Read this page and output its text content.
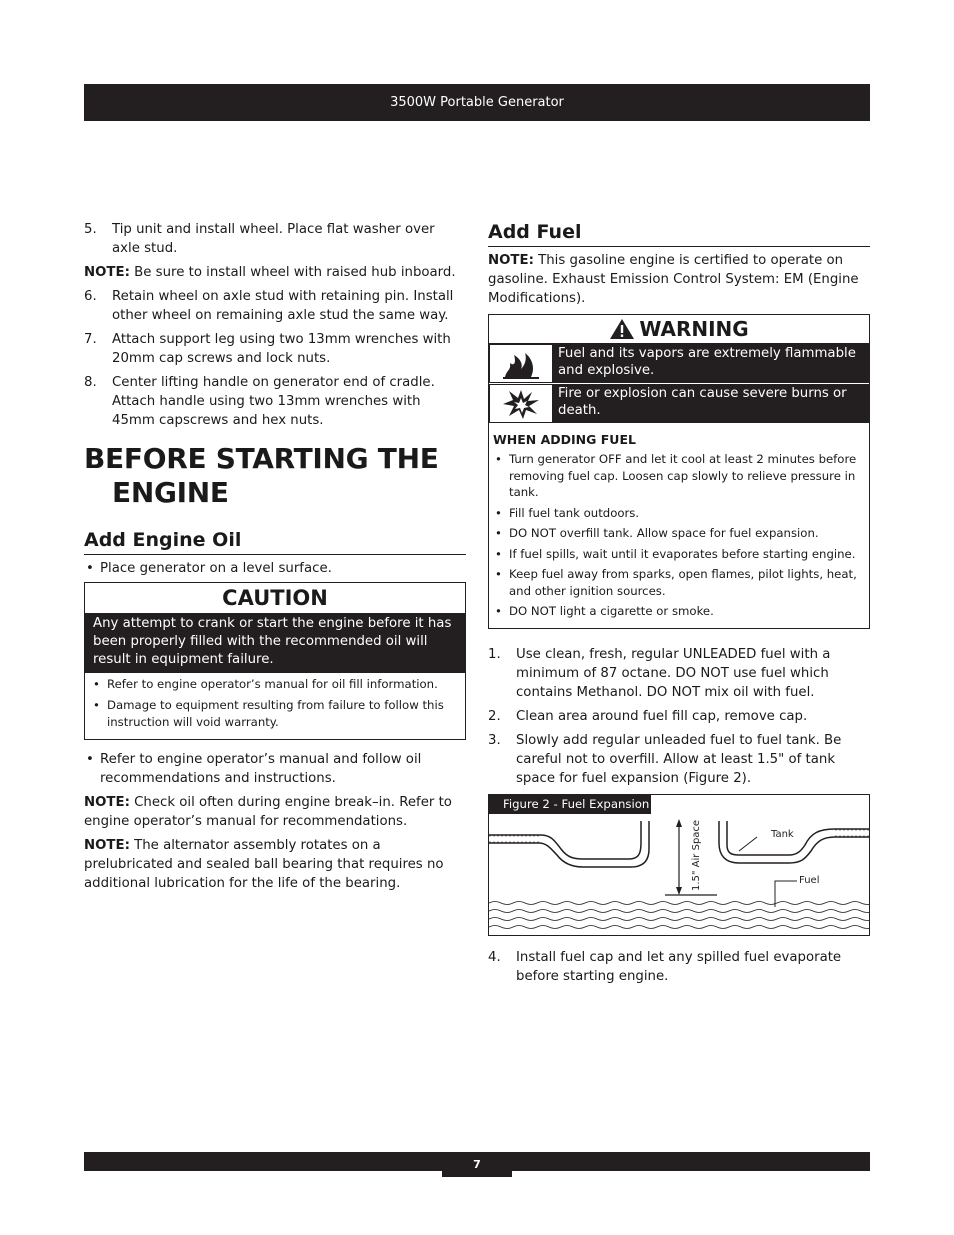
3500W Portable Generator
5.	Tip unit and install wheel. Place flat washer over axle stud.
NOTE: Be sure to install wheel with raised hub inboard.
6.	Retain wheel on axle stud with retaining pin. Install other wheel on remaining axle stud the same way.
7.	Attach support leg using two 13mm wrenches with 20mm cap screws and lock nuts.
8.	Center lifting handle on generator end of cradle. Attach handle using two 13mm wrenches with 45mm capscrews and hex nuts.
BEFORE STARTING THE
ENGINE
Add Engine Oil
• Place generator on a level surface.
CAUTION
Any attempt to crank or start the engine before it has been properly filled with the recommended oil will result in equipment failure.
• Refer to engine operator’s manual for oil fill information.
• Damage to equipment resulting from failure to follow this instruction will void warranty.
• Refer to engine operator’s manual and follow oil recommendations and instructions.
NOTE: Check oil often during engine break–in. Refer to engine operator’s manual for recommendations.
NOTE: The alternator assembly rotates on a prelubricated and sealed ball bearing that requires no additional lubrication for the life of the bearing.
Add Fuel
NOTE: This gasoline engine is certified to operate on gasoline. Exhaust Emission Control System: EM (Engine Modifications).
WARNING
Fuel and its vapors are extremely flammable and explosive.
Fire or explosion can cause severe burns or death.
WHEN ADDING FUEL
• Turn generator OFF and let it cool at least 2 minutes before removing fuel cap. Loosen cap slowly to relieve pressure in tank.
• Fill fuel tank outdoors.
• DO NOT overfill tank. Allow space for fuel expansion.
• If fuel spills, wait until it evaporates before starting engine.
• Keep fuel away from sparks, open flames, pilot lights, heat, and other ignition sources.
• DO NOT light a cigarette or smoke.
1.	Use clean, fresh, regular UNLEADED fuel with a minimum of 87 octane. DO NOT use fuel which contains Methanol. DO NOT mix oil with fuel.
2.	Clean area around fuel fill cap, remove cap.
3.	Slowly add regular unleaded fuel to fuel tank. Be careful not to overfill. Allow at least 1.5" of tank space for fuel expansion (Figure 2).
Figure 2 - Fuel Expansion
1.5" Air Space	Tank
Fuel
4.	Install fuel cap and let any spilled fuel evaporate before starting engine.
7
